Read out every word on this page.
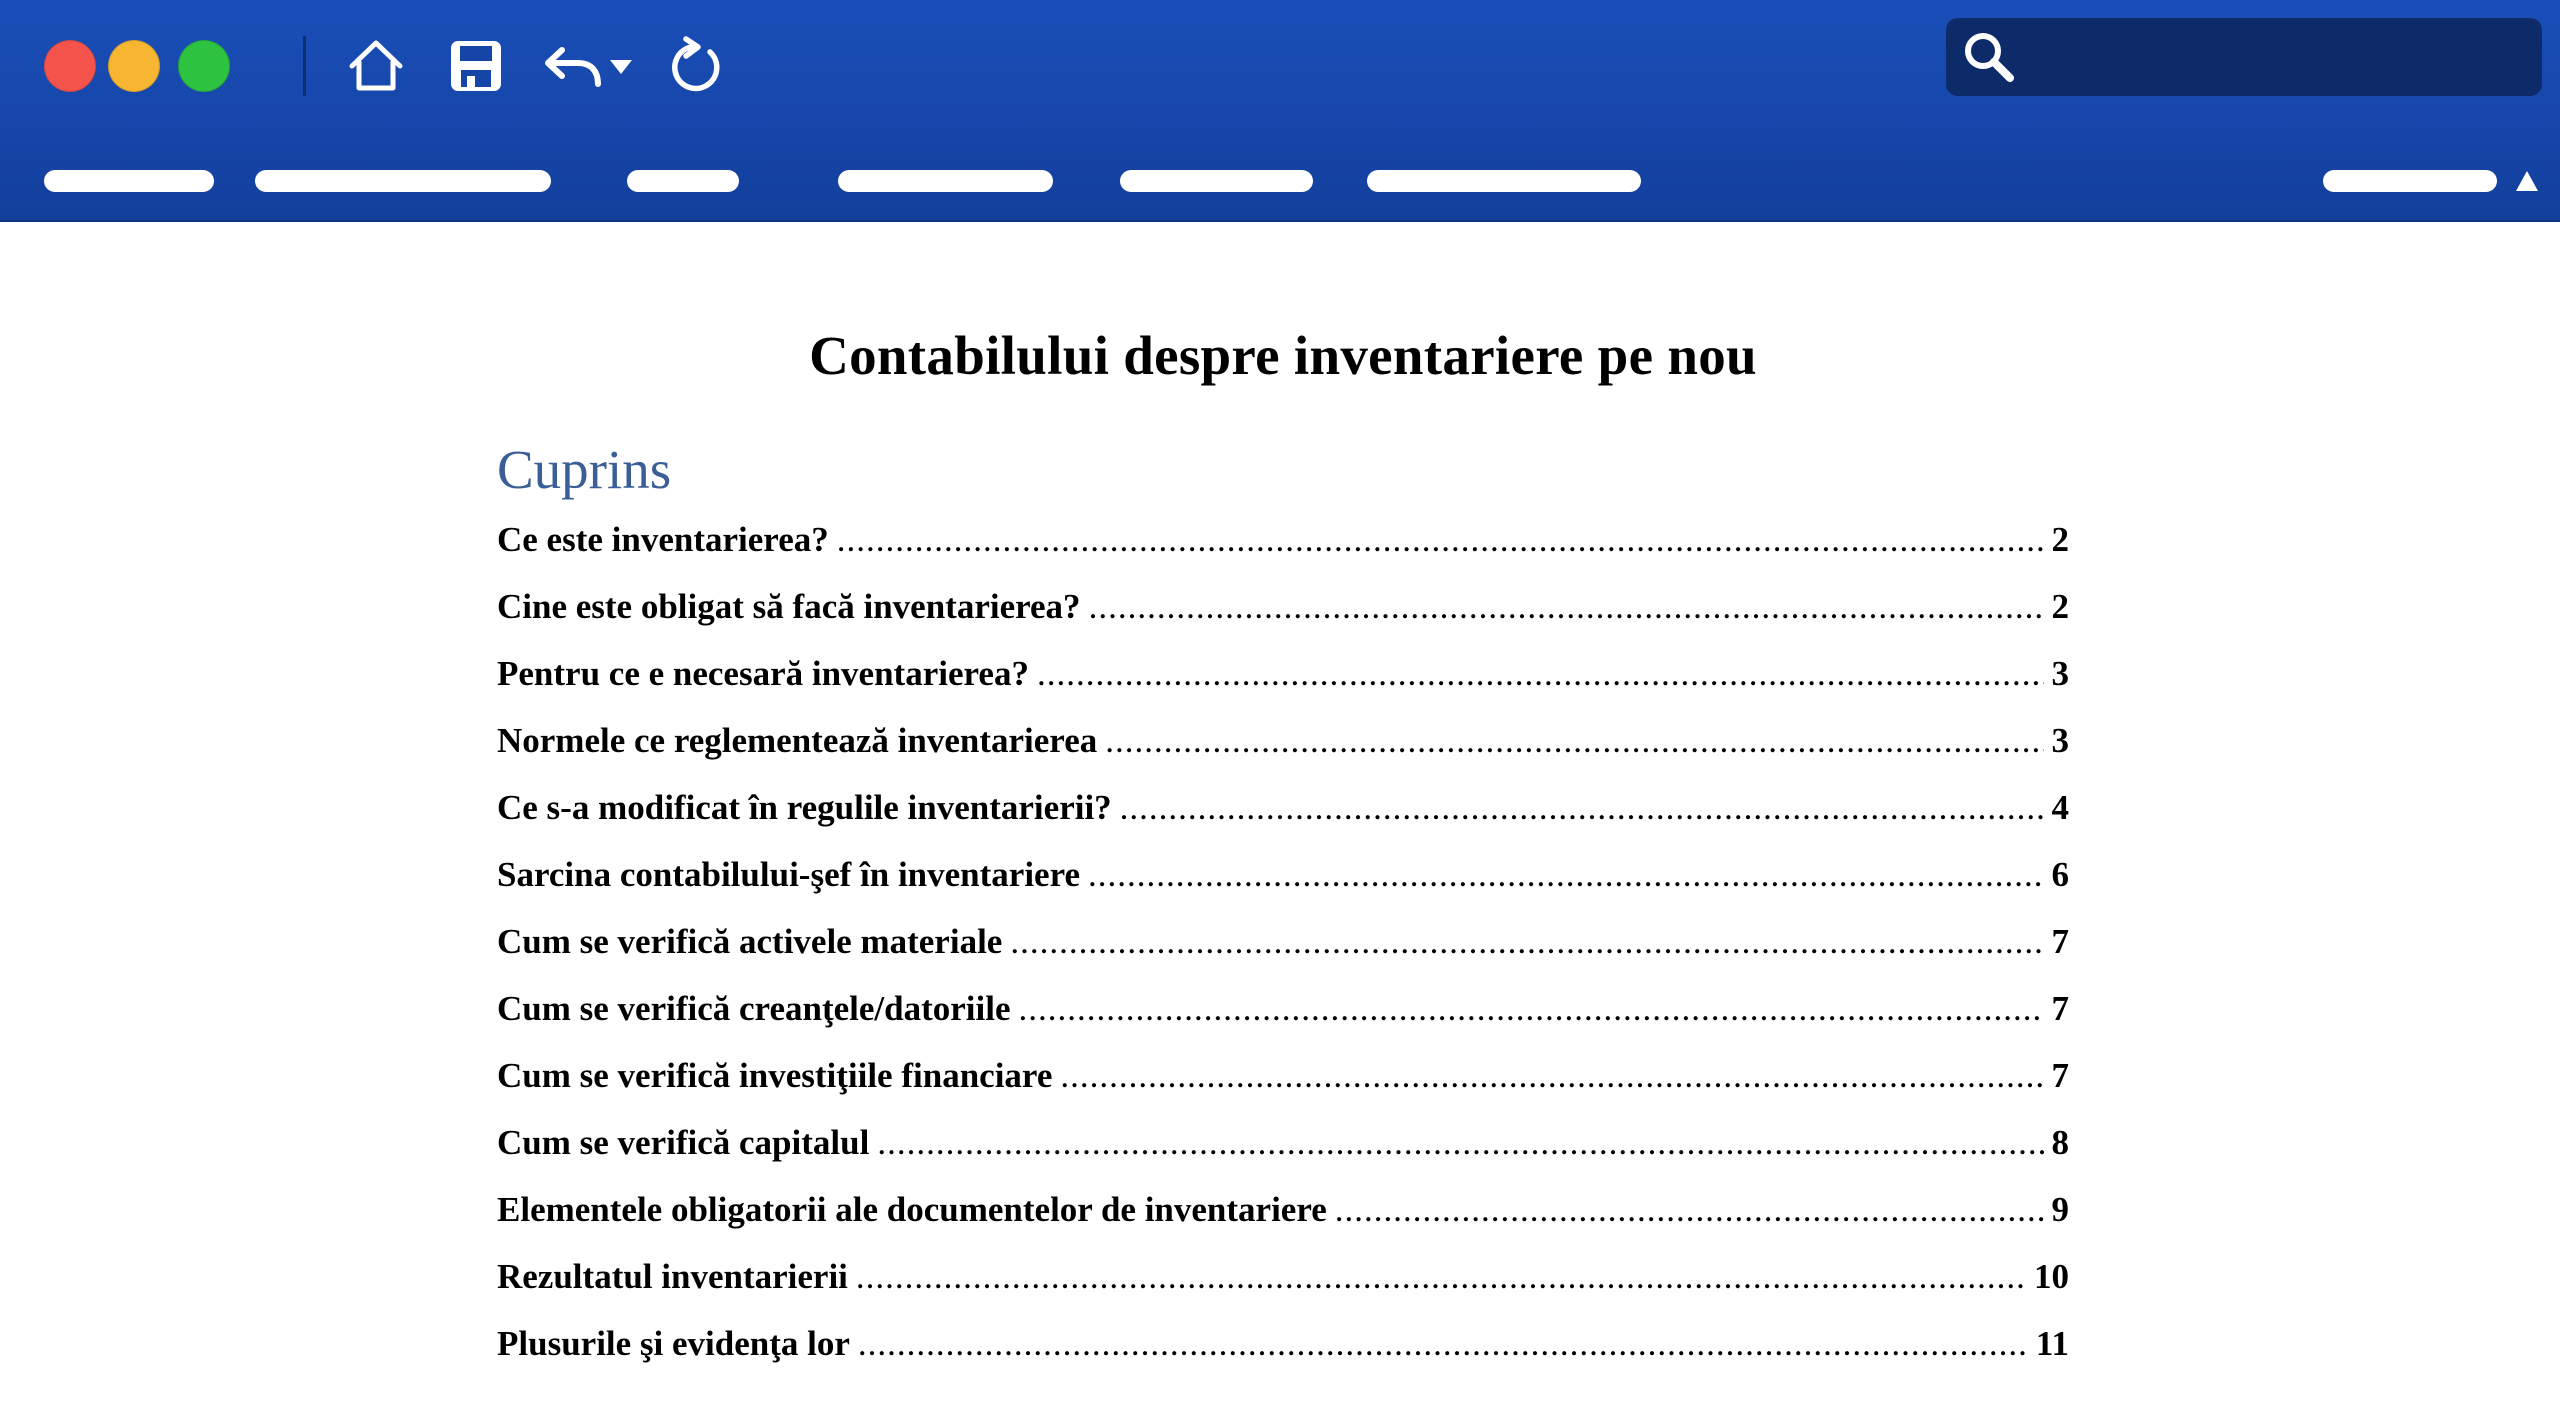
Contabilului despre inventariere pe nou
Cuprins
Ce este inventarierea? .....	2
Cine este obligat să facă inventarierea? .....	2
Pentru ce e necesară inventarierea? .....	3
Normele ce reglementează inventarierea .....	3
Ce s-a modificat în regulile inventarierii? .....	4
Sarcina contabilului-şef în inventariere .....	6
Cum se verifică activele materiale .....	7
Cum se verifică creanţele/datoriile .....	7
Cum se verifică investiţiile financiare .....	7
Cum se verifică capitalul .....	8
Elementele obligatorii ale documentelor de inventariere .....	9
Rezultatul inventarierii .....	10
Plusurile şi evidenţa lor .....	11
